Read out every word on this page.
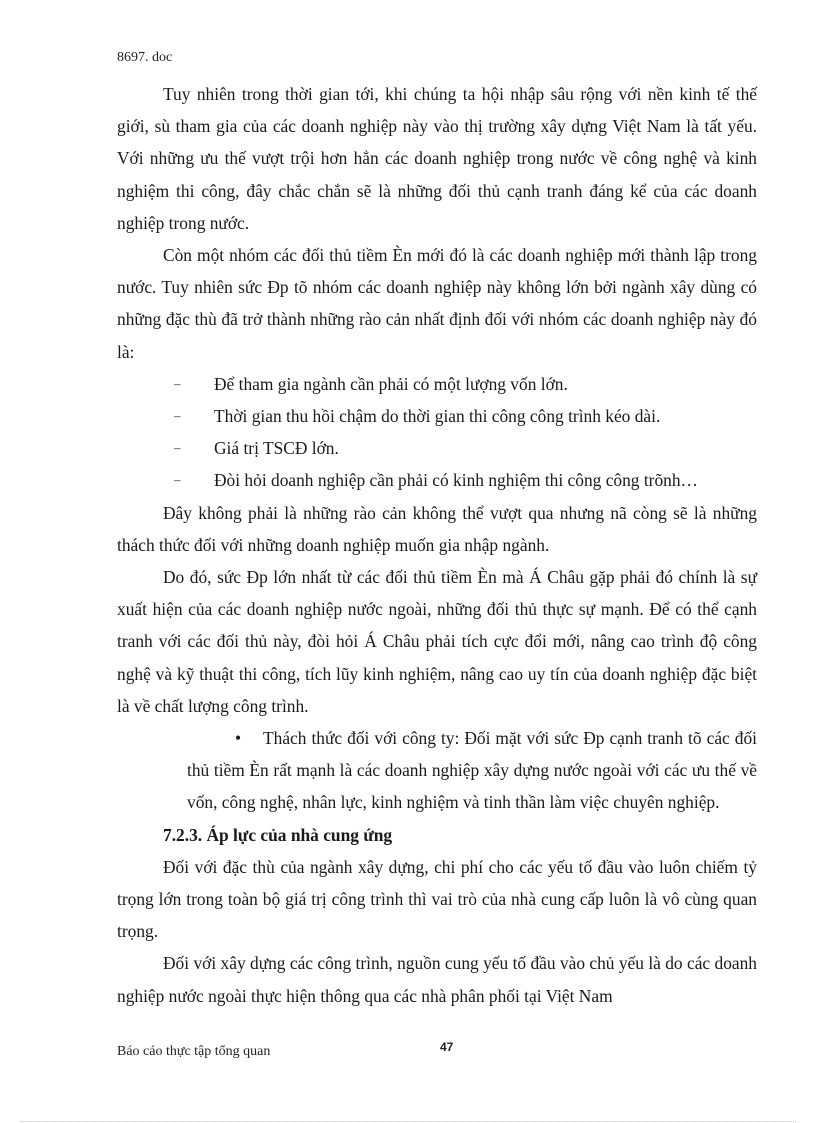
8697. doc

Tuy nhiên trong thời gian tới, khi chúng ta hội nhập sâu rộng với nền kinh tế thế giới, sù tham gia của các doanh nghiệp này vào thị trường xây dựng Việt Nam là tất yếu. Với những ưu thế vượt trội hơn hẳn các doanh nghiệp trong nước về công nghệ và kinh nghiệm thi công, đây chắc chắn sẽ là những đối thủ cạnh tranh đáng kể của các doanh nghiệp trong nước.

Còn một nhóm các đối thủ tiềm Èn mới đó là các doanh nghiệp mới thành lập trong nước. Tuy nhiên sức Ðp tõ nhóm các doanh nghiệp này không lớn bởi ngành xây dùng có những đặc thù đã trở thành những rào cản nhất định đối với nhóm các doanh nghiệp này đó là:

– Để tham gia ngành cần phải có một lượng vốn lớn.
– Thời gian thu hồi chậm do thời gian thi công công trình kéo dài.
– Giá trị TSCĐ lớn.
– Đòi hỏi doanh nghiệp cần phải có kinh nghiệm thi công công trõnh…

Đây không phải là những rào cản không thể vượt qua nhưng nã còng sẽ là những thách thức đối với những doanh nghiệp muốn gia nhập ngành.

Do đó, sức Ðp lớn nhất từ các đối thủ tiềm Èn mà Á Châu gặp phải đó chính là sự xuất hiện của các doanh nghiệp nước ngoài, những đối thủ thực sự mạnh. Để có thể cạnh tranh với các đối thủ này, đòi hỏi Á Châu phải tích cực đổi mới, nâng cao trình độ công nghệ và kỹ thuật thi công, tích lũy kinh nghiệm, nâng cao uy tín của doanh nghiệp đặc biệt là về chất lượng công trình.

•	Thách thức đối với công ty: Đối mặt với sức Ðp cạnh tranh tõ các đối thủ tiềm Èn rất mạnh là các doanh nghiệp xây dựng nước ngoài với các ưu thế về vốn, công nghệ, nhân lực, kinh nghiệm và tinh thần làm việc chuyên nghiệp.
7.2.3. Áp lực của nhà cung ứng

Đối với đặc thù của ngành xây dựng, chi phí cho các yếu tố đầu vào luôn chiếm tỷ trọng lớn trong toàn bộ giá trị công trình thì vai trò của nhà cung cấp luôn là vô cùng quan trọng.

Đối với xây dựng các công trình, nguồn cung yếu tố đầu vào chủ yếu là do các doanh nghiệp nước ngoài thực hiện thông qua các nhà phân phối tại Việt Nam

Báo cáo thực tập tổng quan	47
